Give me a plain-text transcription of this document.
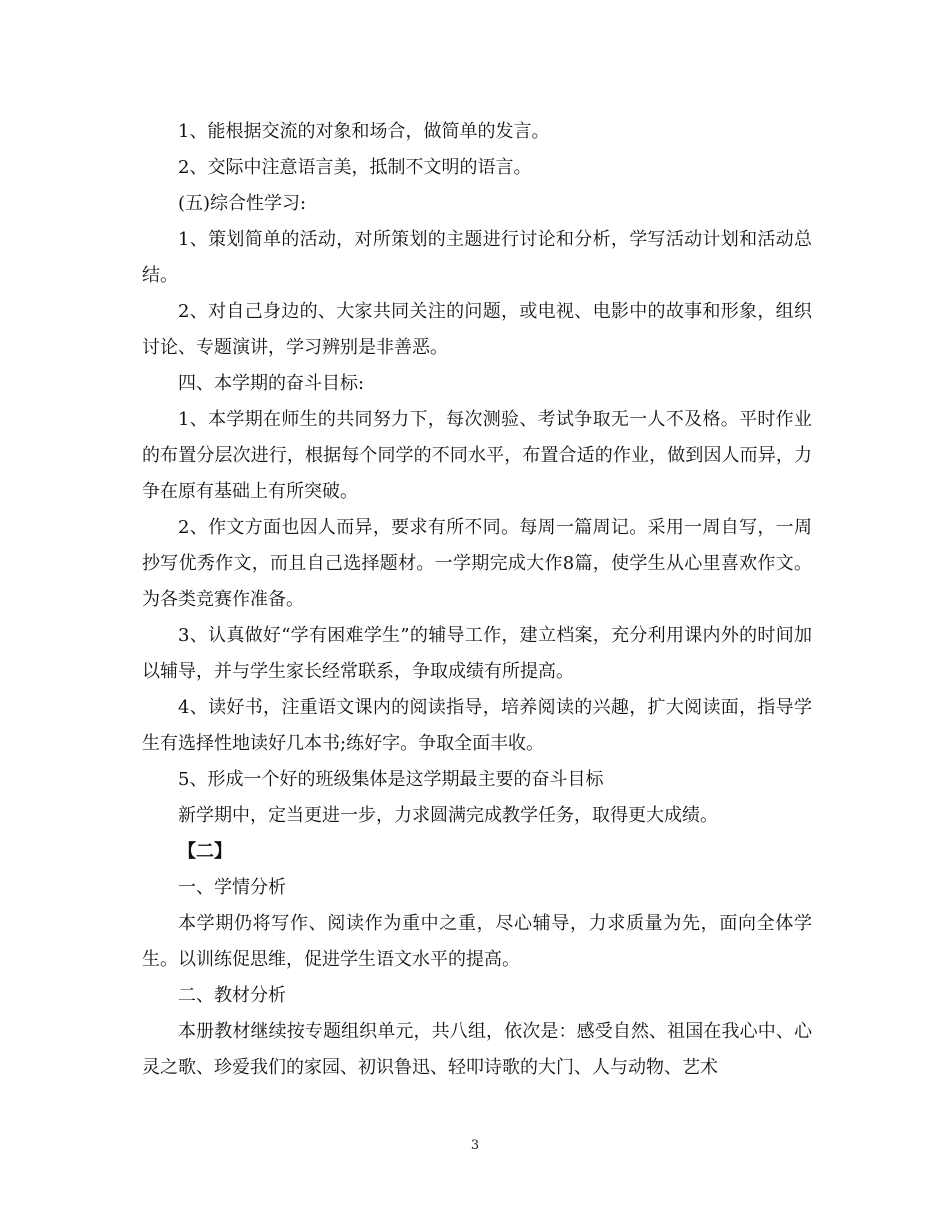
1、能根据交流的对象和场合，做简单的发言。

2、交际中注意语言美，抵制不文明的语言。

(五)综合性学习:

1、策划简单的活动，对所策划的主题进行讨论和分析，学写活动计划和活动总结。

2、对自己身边的、大家共同关注的问题，或电视、电影中的故事和形象，组织讨论、专题演讲，学习辨别是非善恶。

四、本学期的奋斗目标:

1、本学期在师生的共同努力下，每次测验、考试争取无一人不及格。平时作业的布置分层次进行，根据每个同学的不同水平，布置合适的作业，做到因人而异，力争在原有基础上有所突破。

2、作文方面也因人而异，要求有所不同。每周一篇周记。采用一周自写，一周抄写优秀作文，而且自己选择题材。一学期完成大作8篇，使学生从心里喜欢作文。为各类竞赛作准备。

3、认真做好“学有困难学生”的辅导工作，建立档案，充分利用课内外的时间加以辅导，并与学生家长经常联系，争取成绩有所提高。

4、读好书，注重语文课内的阅读指导，培养阅读的兴趣，扩大阅读面，指导学生有选择性地读好几本书;练好字。争取全面丰收。

5、形成一个好的班级集体是这学期最主要的奋斗目标

新学期中，定当更进一步，力求圆满完成教学任务，取得更大成绩。

【二】

一、学情分析

本学期仍将写作、阅读作为重中之重，尽心辅导，力求质量为先，面向全体学生。以训练促思维，促进学生语文水平的提高。

二、教材分析

本册教材继续按专题组织单元，共八组，依次是：感受自然、祖国在我心中、心灵之歌、珍爱我们的家园、初识鲁迅、轻叩诗歌的大门、人与动物、艺术

3
